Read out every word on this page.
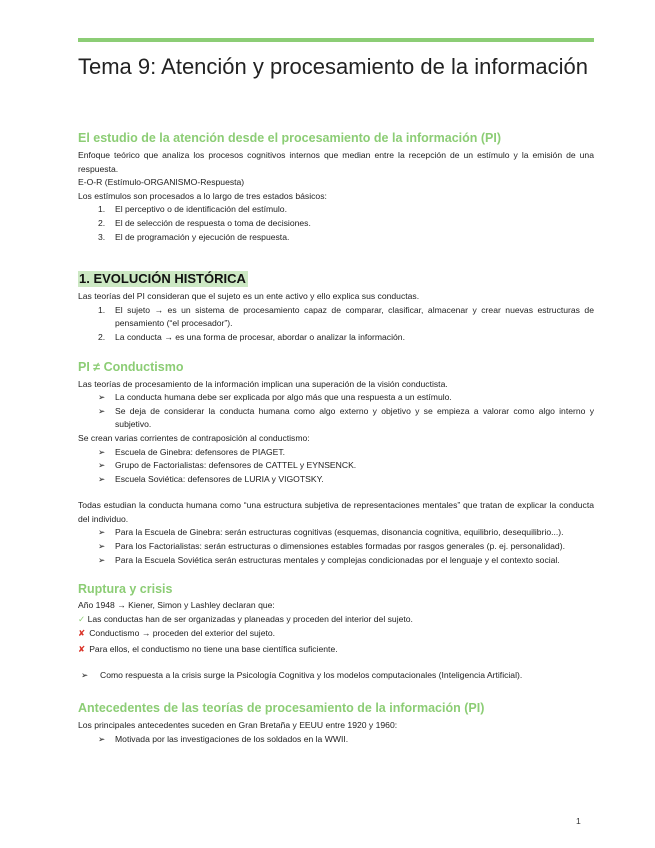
Tema 9: Atención y procesamiento de la información
El estudio de la atención desde el procesamiento de la información (PI)
Enfoque teórico que analiza los procesos cognitivos internos que median entre la recepción de un estímulo y la emisión de una respuesta.
E-O-R (Estímulo-ORGANISMO-Respuesta)
Los estímulos son procesados a lo largo de tres estados básicos:
1. El perceptivo o de identificación del estímulo.
2. El de selección de respuesta o toma de decisiones.
3. El de programación y ejecución de respuesta.
1. EVOLUCIÓN HISTÓRICA
Las teorías del PI consideran que el sujeto es un ente activo y ello explica sus conductas.
1. El sujeto → es un sistema de procesamiento capaz de comparar, clasificar, almacenar y crear nuevas estructuras de pensamiento (“el procesador”).
2. La conducta → es una forma de procesar, abordar o analizar la información.
PI ≠ Conductismo
Las teorías de procesamiento de la información implican una superación de la visión conductista.
➢ La conducta humana debe ser explicada por algo más que una respuesta a un estímulo.
➢ Se deja de considerar la conducta humana como algo externo y objetivo y se empieza a valorar como algo interno y subjetivo.
Se crean varias corrientes de contraposición al conductismo:
➢ Escuela de Ginebra: defensores de PIAGET.
➢ Grupo de Factorialistas: defensores de CATTEL y EYNSENCK.
➢ Escuela Soviética: defensores de LURIA y VIGOTSKY.
Todas estudian la conducta humana como “una estructura subjetiva de representaciones mentales” que tratan de explicar la conducta del individuo.
➢ Para la Escuela de Ginebra: serán estructuras cognitivas (esquemas, disonancia cognitiva, equilibrio, desequilibrio...).
➢ Para los Factorialistas: serán estructuras o dimensiones estables formadas por rasgos generales (p. ej. personalidad).
➢ Para la Escuela Soviética serán estructuras mentales y complejas condicionadas por el lenguaje y el contexto social.
Ruptura y crisis
Año 1948 → Kiener, Simon y Lashley declaran que:
✓ Las conductas han de ser organizadas y planeadas y proceden del interior del sujeto.
✘ Conductismo → proceden del exterior del sujeto.
✘ Para ellos, el conductismo no tiene una base científica suficiente.
➢ Como respuesta a la crisis surge la Psicología Cognitiva y los modelos computacionales (Inteligencia Artificial).
Antecedentes de las teorías de procesamiento de la información (PI)
Los principales antecedentes suceden en Gran Bretaña y EEUU entre 1920 y 1960:
➢ Motivada por las investigaciones de los soldados en la WWII.
1
